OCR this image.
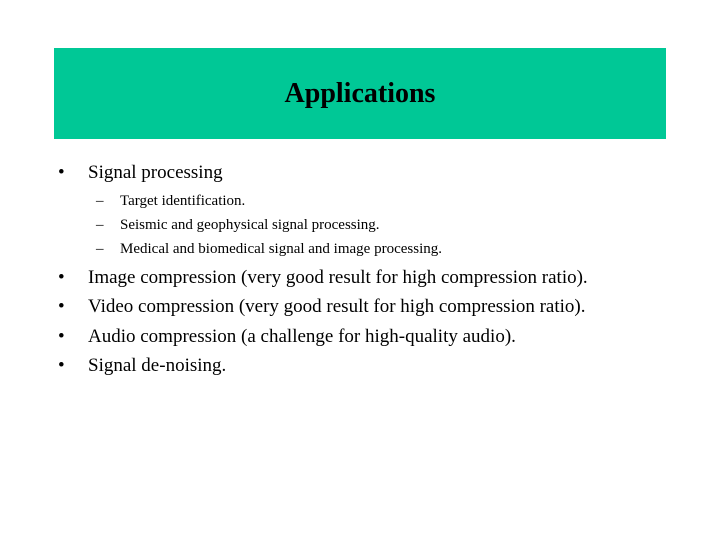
Applications
•	Signal processing
– Target identification.
– Seismic and geophysical signal processing.
– Medical and biomedical signal and image processing.
•	Image compression (very good result for high compression ratio).
•	Video compression (very good result for high compression ratio).
•	Audio compression (a challenge for high-quality audio).
•	Signal de-noising.
